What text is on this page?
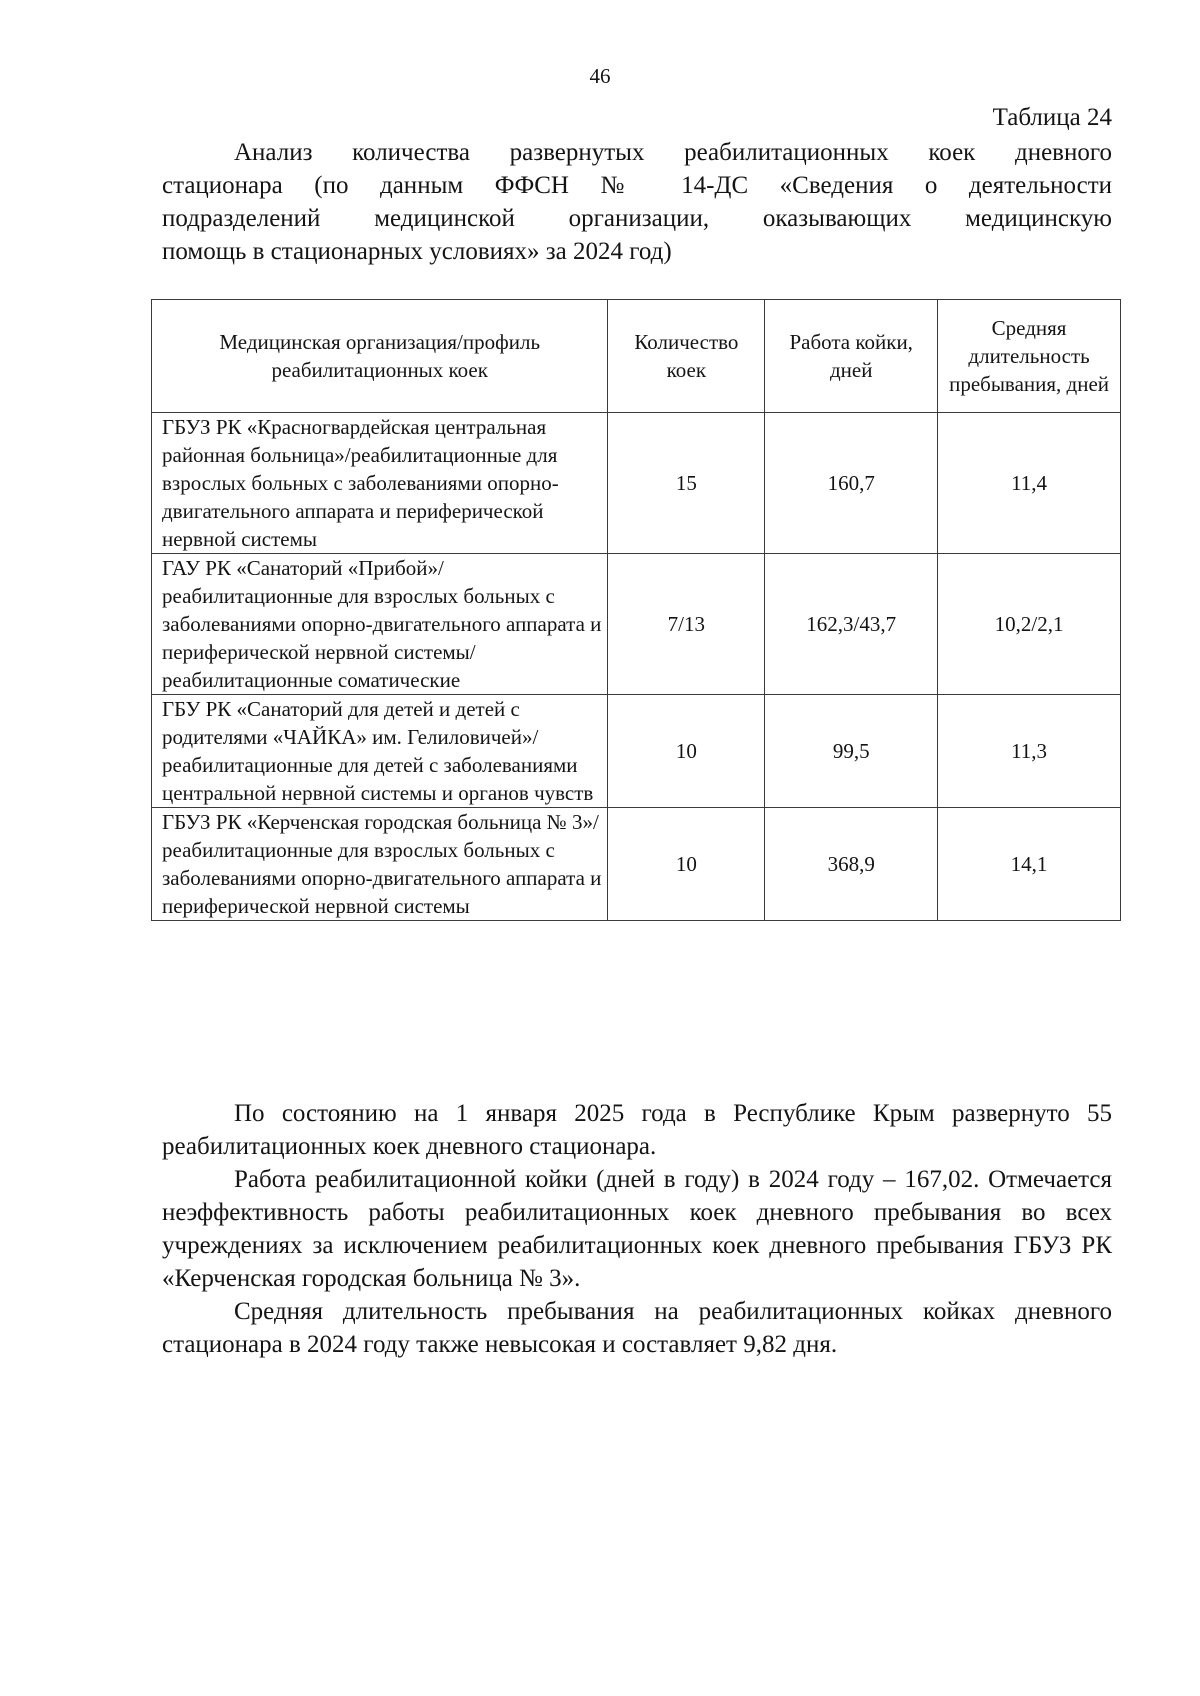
46
Таблица 24
Анализ количества развернутых реабилитационных коек дневного
стационара (по данным ФФСН № 14-ДС «Сведения о деятельности
подразделений медицинской организации, оказывающих медицинскую
помощь в стационарных условиях» за 2024 год)
Медицинская организация/профиль реабилитационных коек	Количество коек	Работа койки, дней	Средняя длительность пребывания, дней
ГБУЗ РК «Красногвардейская центральная районная больница»/реабилитационные для взрослых больных с заболеваниями опорно-двигательного аппарата и периферической нервной системы	15	160,7	11,4
ГАУ РК «Санаторий «Прибой»/реабилитационные для взрослых больных с заболеваниями опорно-двигательного аппарата и периферической нервной системы/реабилитационные соматические	7/13	162,3/43,7	10,2/2,1
ГБУ РК «Санаторий для детей и детей с родителями «ЧАЙКА» им. Гелиловичей»/реабилитационные для детей с заболеваниями центральной нервной системы и органов чувств	10	99,5	11,3
ГБУЗ РК «Керченская городская больница № 3»/реабилитационные для взрослых больных с заболеваниями опорно-двигательного аппарата и периферической нервной системы	10	368,9	14,1

По состоянию на 1 января 2025 года в Республике Крым развернуто 55 реабилитационных коек дневного стационара.

Работа реабилитационной койки (дней в году) в 2024 году – 167,02. Отмечается неэффективность работы реабилитационных коек дневного пребывания во всех учреждениях за исключением реабилитационных коек дневного пребывания ГБУЗ РК «Керченская городская больница № 3».

Средняя длительность пребывания на реабилитационных койках дневного стационара в 2024 году также невысокая и составляет 9,82 дня.
